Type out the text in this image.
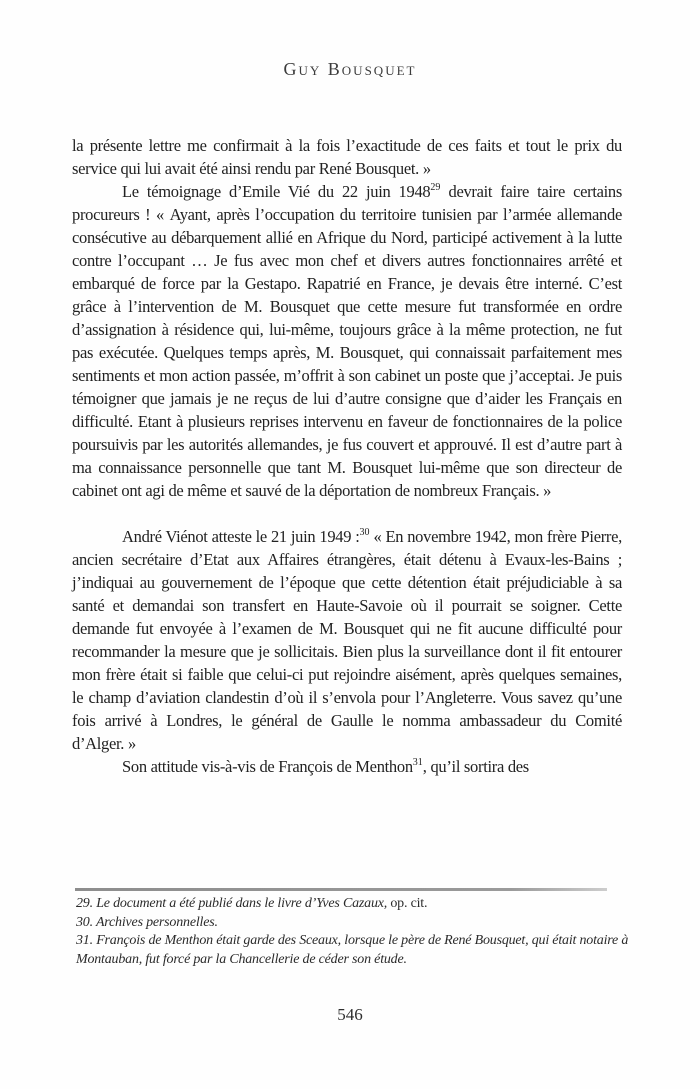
Guy Bousquet

la présente lettre me confirmait à la fois l’exactitude de ces faits et tout le prix du service qui lui avait été ainsi rendu par René Bousquet. »

Le témoignage d’Emile Vié du 22 juin 1948$^{29}$ devrait faire taire certains procureurs ! « Ayant, après l’occupation du territoire tunisien par l’armée allemande consécutive au débarquement allié en Afrique du Nord, participé activement à la lutte contre l’occupant … Je fus avec mon chef et divers autres fonctionnaires arrêté et embarqué de force par la Gestapo. Rapatrié en France, je devais être interné. C’est grâce à l’intervention de M. Bousquet que cette mesure fut transformée en ordre d’assignation à résidence qui, lui-même, toujours grâce à la même protection, ne fut pas exécutée. Quelques temps après, M. Bousquet, qui connaissait parfaitement mes sentiments et mon action passée, m’offrit à son cabinet un poste que j’acceptai. Je puis témoigner que jamais je ne reçus de lui d’autre consigne que d’aider les Français en difficulté. Etant à plusieurs reprises intervenu en faveur de fonctionnaires de la police poursuivis par les autorités allemandes, je fus couvert et approuvé. Il est d’autre part à ma connaissance personnelle que tant M. Bousquet lui-même que son directeur de cabinet ont agi de même et sauvé de la déportation de nombreux Français. »

André Viénot atteste le 21 juin 1949 :$^{30}$ « En novembre 1942, mon frère Pierre, ancien secrétaire d’Etat aux Affaires étrangères, était détenu à Evaux-les-Bains ; j’indiquai au gouvernement de l’époque que cette détention était préjudiciable à sa santé et demandai son transfert en Haute-Savoie où il pourrait se soigner. Cette demande fut envoyée à l’examen de M. Bousquet qui ne fit aucune difficulté pour recommander la mesure que je sollicitais. Bien plus la surveillance dont il fit entourer mon frère était si faible que celui-ci put rejoindre aisément, après quelques semaines, le champ d’aviation clandestin d’où il s’envola pour l’Angleterre. Vous savez qu’une fois arrivé à Londres, le général de Gaulle le nomma ambassadeur du Comité d’Alger. »

Son attitude vis-à-vis de François de Menthon$^{31}$, qu’il sortira des

29. Le document a été publié dans le livre d’Yves Cazaux, op. cit.
30. Archives personnelles.
31. François de Menthon était garde des Sceaux, lorsque le père de René Bousquet, qui était notaire à Montauban, fut forcé par la Chancellerie de céder son étude.
546
